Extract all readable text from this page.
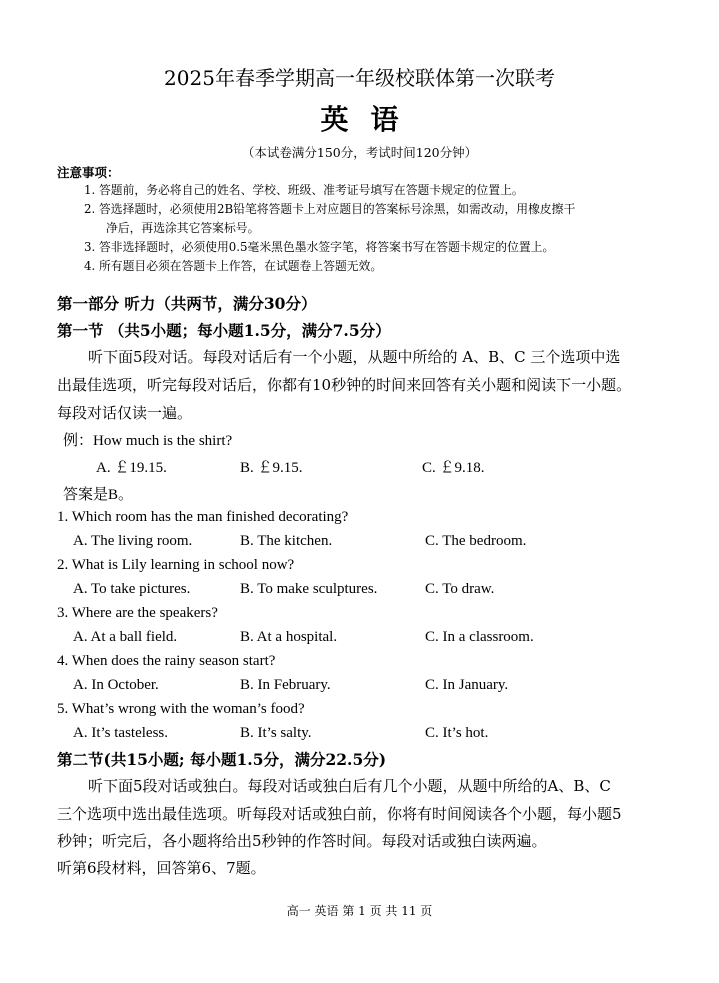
2025年春季学期高一年级校联体第一次联考
英语
（本试卷满分150分，考试时间120分钟）
注意事项：
1. 答题前，务必将自己的姓名、学校、班级、准考证号填写在答题卡规定的位置上。
2. 答选择题时，必须使用2B铅笔将答题卡上对应题目的答案标号涂黑，如需改动，用橡皮擦干
净后，再选涂其它答案标号。
3. 答非选择题时，必须使用0.5毫米黑色墨水签字笔，将答案书写在答题卡规定的位置上。
4. 所有题目必须在答题卡上作答，在试题卷上答题无效。
第一部分 听力（共两节，满分30分）
第一节 （共5小题；每小题1.5分，满分7.5分）
听下面5段对话。每段对话后有一个小题，从题中所给的 A、B、C 三个选项中选
出最佳选项，听完每段对话后，你都有10秒钟的时间来回答有关小题和阅读下一小题。
每段对话仅读一遍。
例：How much is the shirt?
A. ￡19.15.	B. ￡9.15.	C. ￡9.18.
答案是B。
1. Which room has the man finished decorating?
A. The living room.	B. The kitchen.	C. The bedroom.
2. What is Lily learning in school now?
A. To take pictures.	B. To make sculptures.	C. To draw.
3. Where are the speakers?
A. At a ball field.	B. At a hospital.	C. In a classroom.
4. When does the rainy season start?
A. In October.	B. In February.	C. In January.
5. What’s wrong with the woman’s food?
A. It’s tasteless.	B. It’s salty.	C. It’s hot.
第二节(共15小题; 每小题1.5分，满分22.5分)
听下面5段对话或独白。每段对话或独白后有几个小题，从题中所给的A、B、C
三个选项中选出最佳选项。听每段对话或独白前，你将有时间阅读各个小题，每小题5
秒钟；听完后，各小题将给出5秒钟的作答时间。每段对话或独白读两遍。
听第6段材料，回答第6、7题。
高一 英语 第 1 页 共 11 页
